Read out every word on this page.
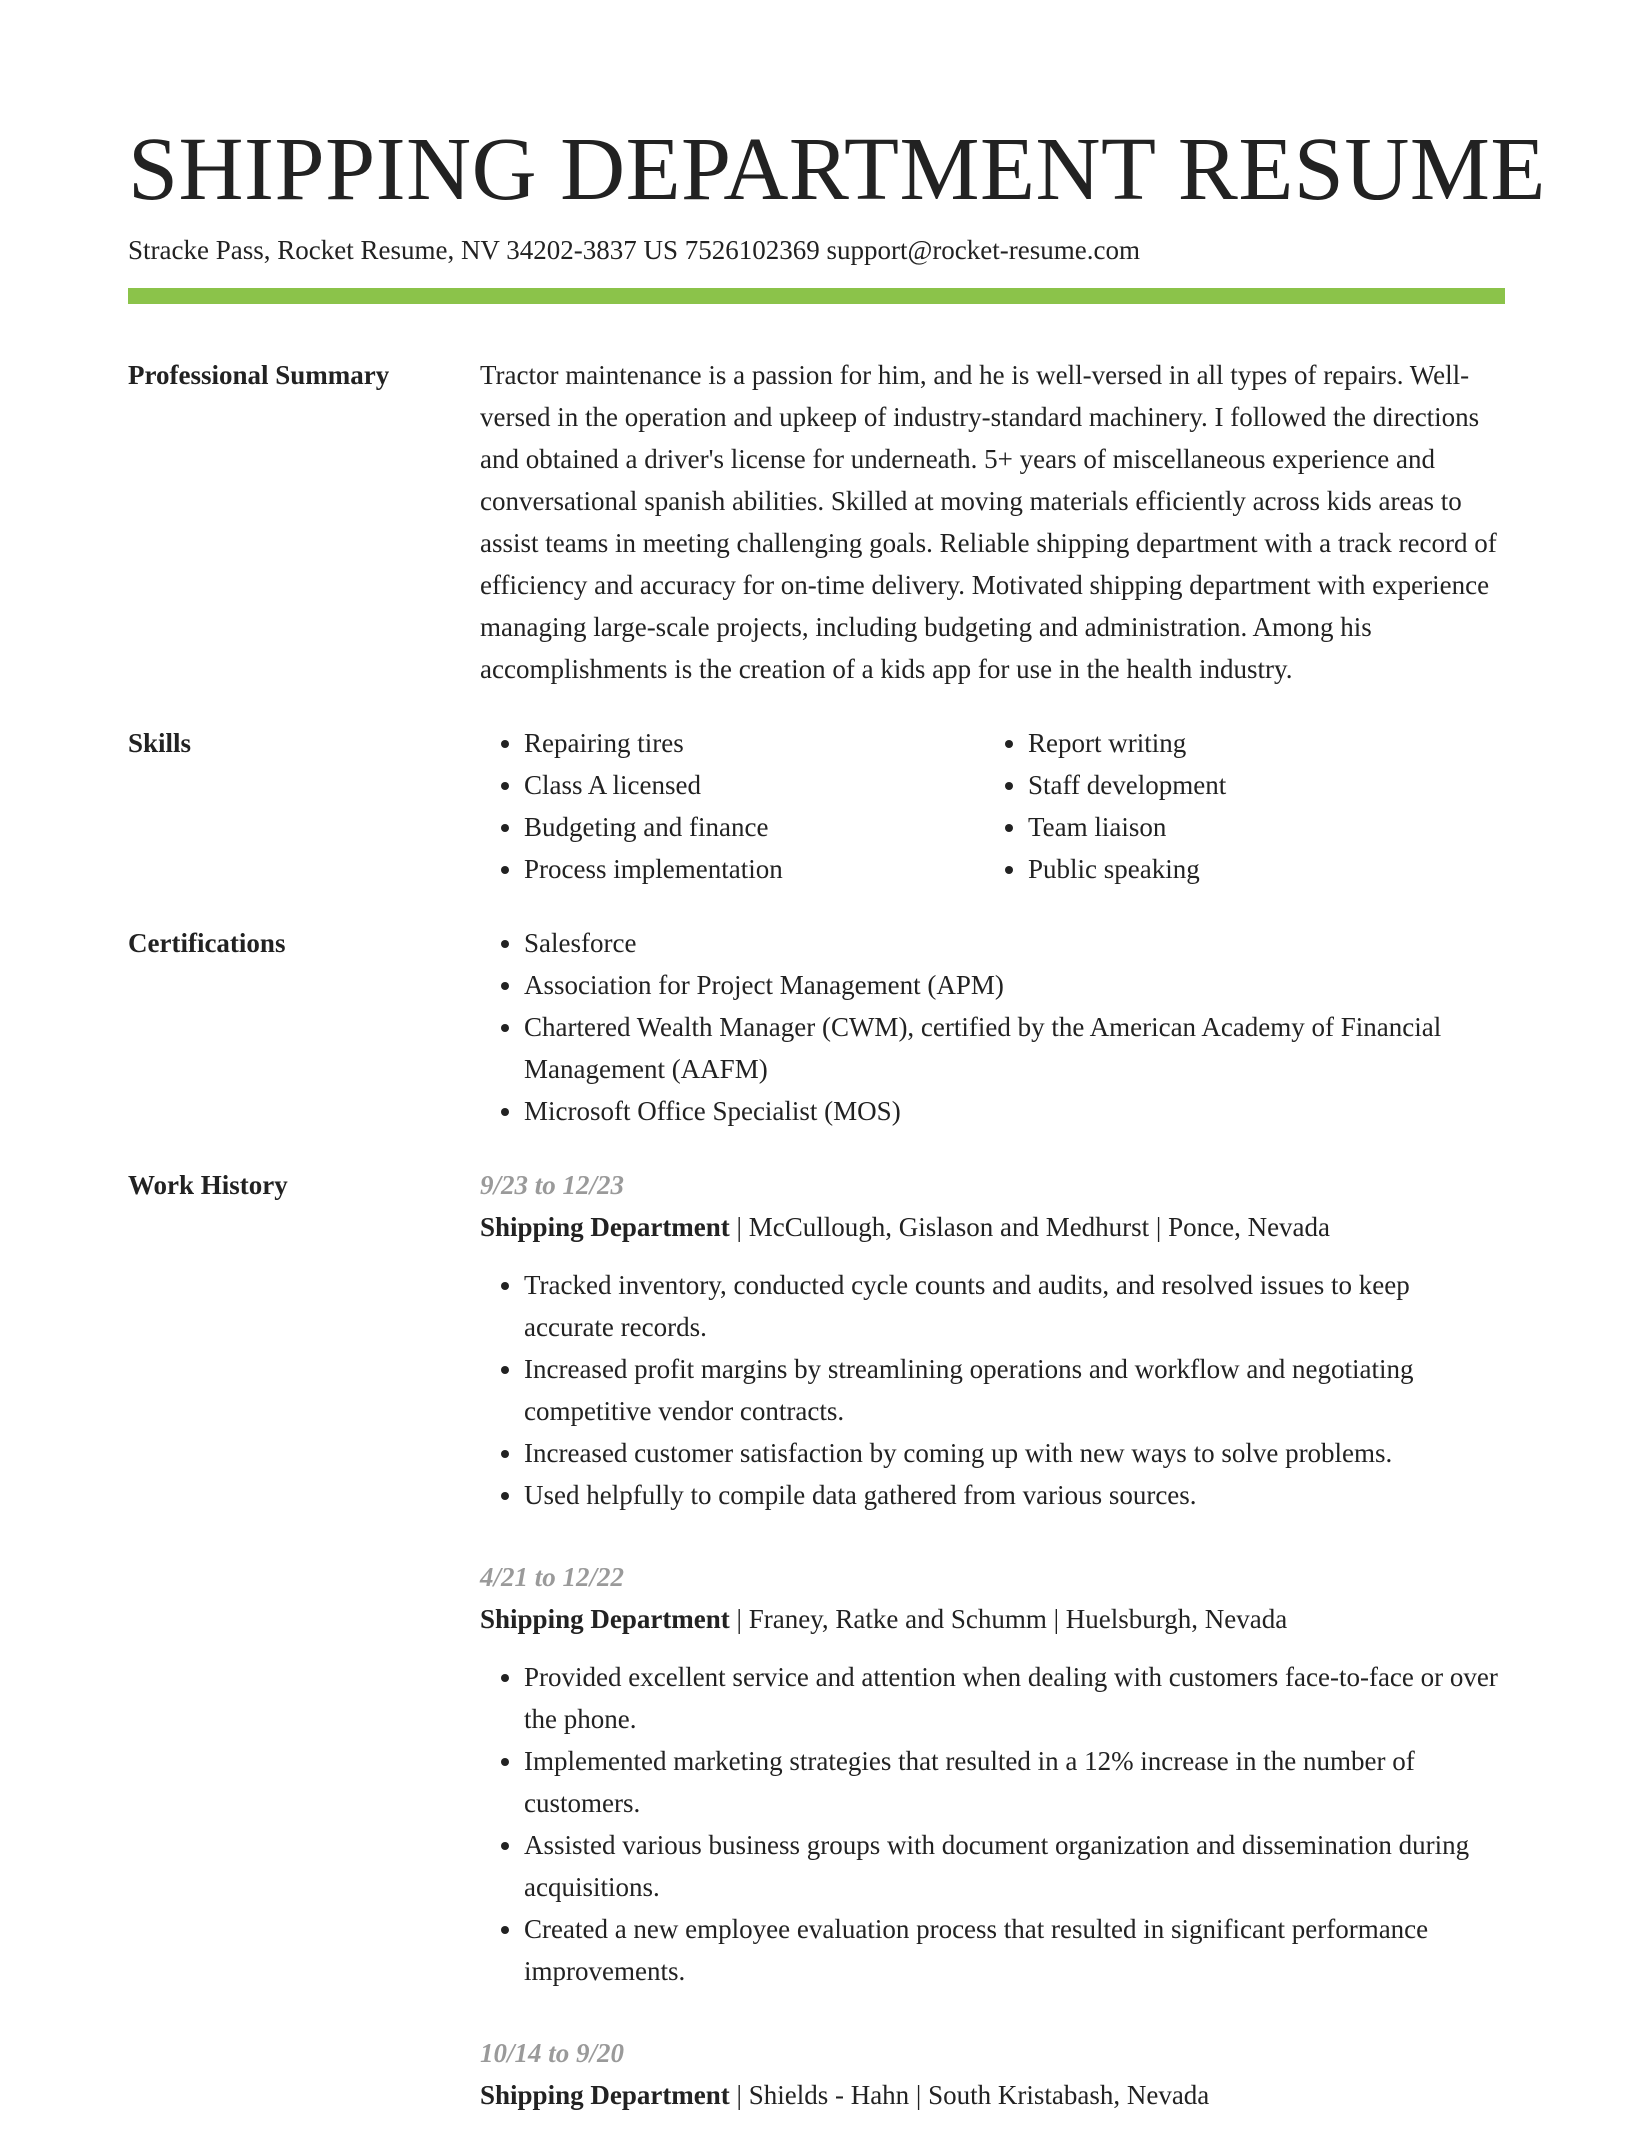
SHIPPING DEPARTMENT RESUME
Stracke Pass, Rocket Resume, NV 34202-3837 US 7526102369 support@rocket-resume.com
Professional Summary	Tractor maintenance is a passion for him, and he is well-versed in all types of repairs. Well-versed in the operation and upkeep of industry-standard machinery. I followed the directions and obtained a driver's license for underneath. 5+ years of miscellaneous experience and conversational spanish abilities. Skilled at moving materials efficiently across kids areas to assist teams in meeting challenging goals. Reliable shipping department with a track record of efficiency and accuracy for on-time delivery. Motivated shipping department with experience managing large-scale projects, including budgeting and administration. Among his accomplishments is the creation of a kids app for use in the health industry.
Skills	• Repairing tires
• Class A licensed
• Budgeting and finance
• Process implementation
• Report writing
• Staff development
• Team liaison
• Public speaking
Certifications	• Salesforce
• Association for Project Management (APM)
• Chartered Wealth Manager (CWM), certified by the American Academy of Financial Management (AAFM)
• Microsoft Office Specialist (MOS)
Work History	9/23 to 12/23
Shipping Department | McCullough, Gislason and Medhurst | Ponce, Nevada
• Tracked inventory, conducted cycle counts and audits, and resolved issues to keep accurate records.
• Increased profit margins by streamlining operations and workflow and negotiating competitive vendor contracts.
• Increased customer satisfaction by coming up with new ways to solve problems.
• Used helpfully to compile data gathered from various sources.
4/21 to 12/22
Shipping Department | Franey, Ratke and Schumm | Huelsburgh, Nevada
• Provided excellent service and attention when dealing with customers face-to-face or over the phone.
• Implemented marketing strategies that resulted in a 12% increase in the number of customers.
• Assisted various business groups with document organization and dissemination during acquisitions.
• Created a new employee evaluation process that resulted in significant performance improvements.
10/14 to 9/20
Shipping Department | Shields - Hahn | South Kristabash, Nevada
